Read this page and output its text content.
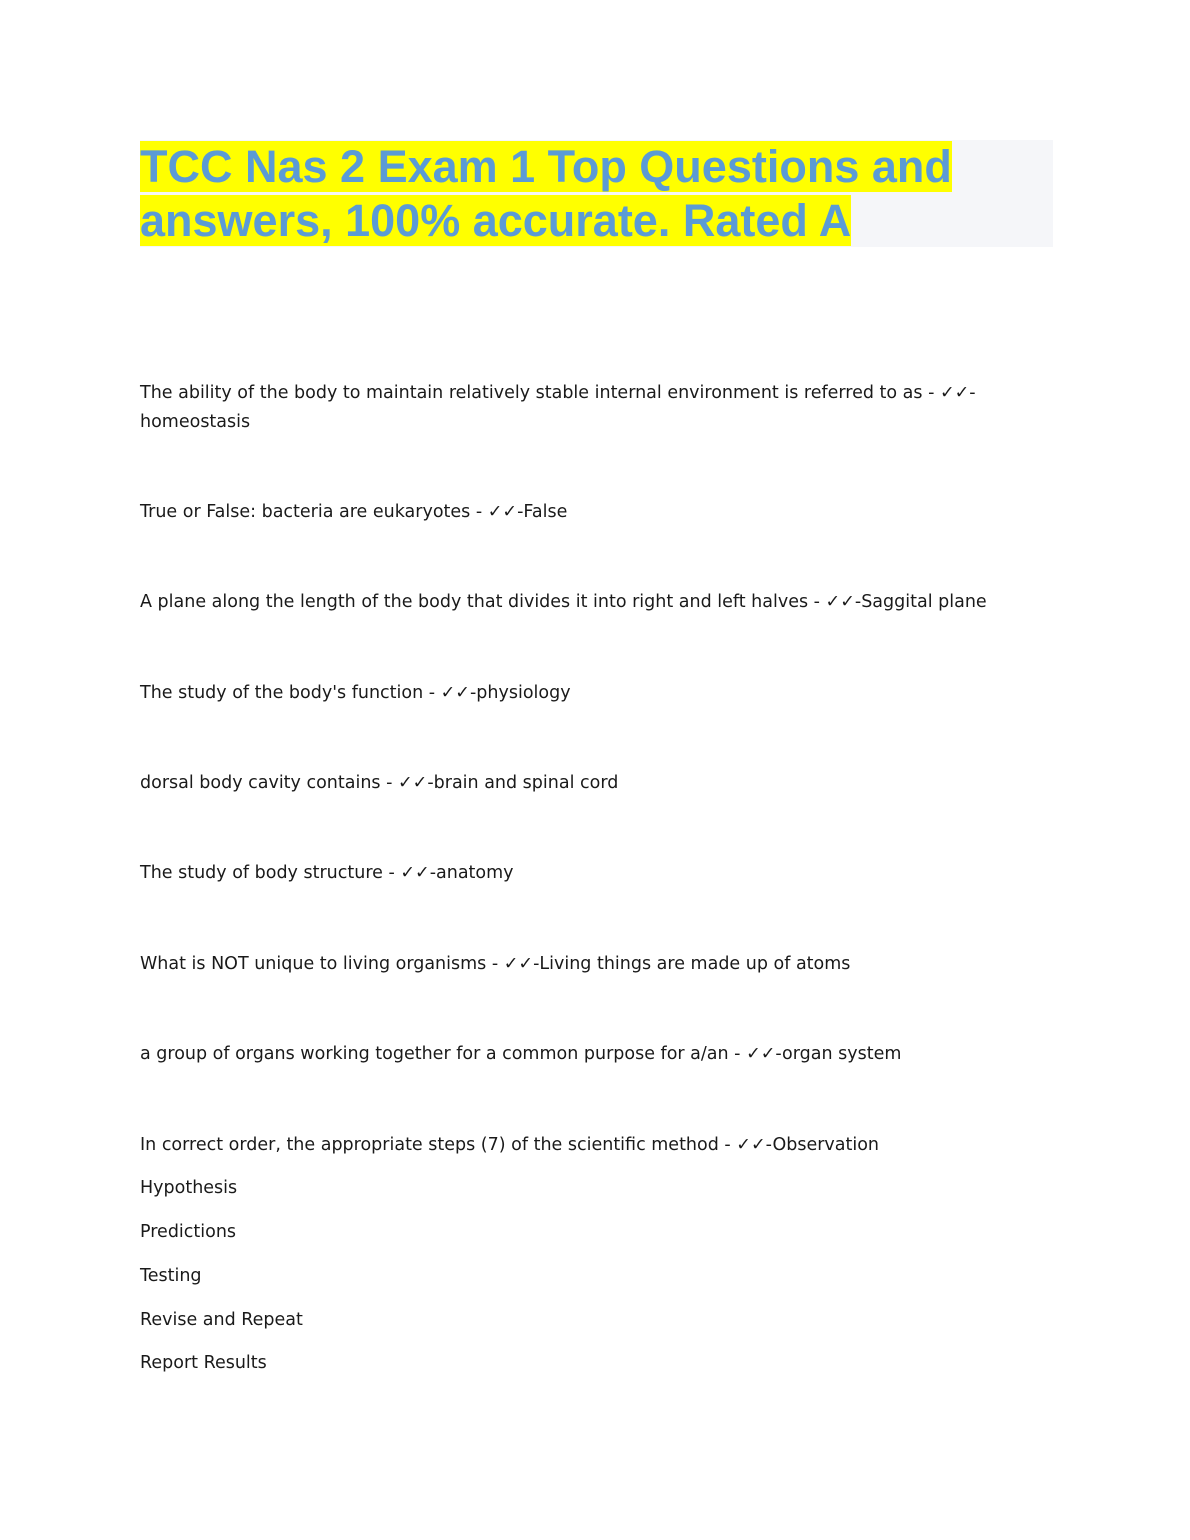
TCC Nas 2 Exam 1 Top Questions and answers, 100% accurate. Rated A

The ability of the body to maintain relatively stable internal environment is referred to as - ✓✓-
homeostasis

True or False: bacteria are eukaryotes - ✓✓-False

A plane along the length of the body that divides it into right and left halves - ✓✓-Saggital plane

The study of the body's function - ✓✓-physiology

dorsal body cavity contains - ✓✓-brain and spinal cord

The study of body structure - ✓✓-anatomy

What is NOT unique to living organisms - ✓✓-Living things are made up of atoms

a group of organs working together for a common purpose for a/an - ✓✓-organ system

In correct order, the appropriate steps (7) of the scientific method - ✓✓-Observation

Hypothesis

Predictions

Testing

Revise and Repeat

Report Results
